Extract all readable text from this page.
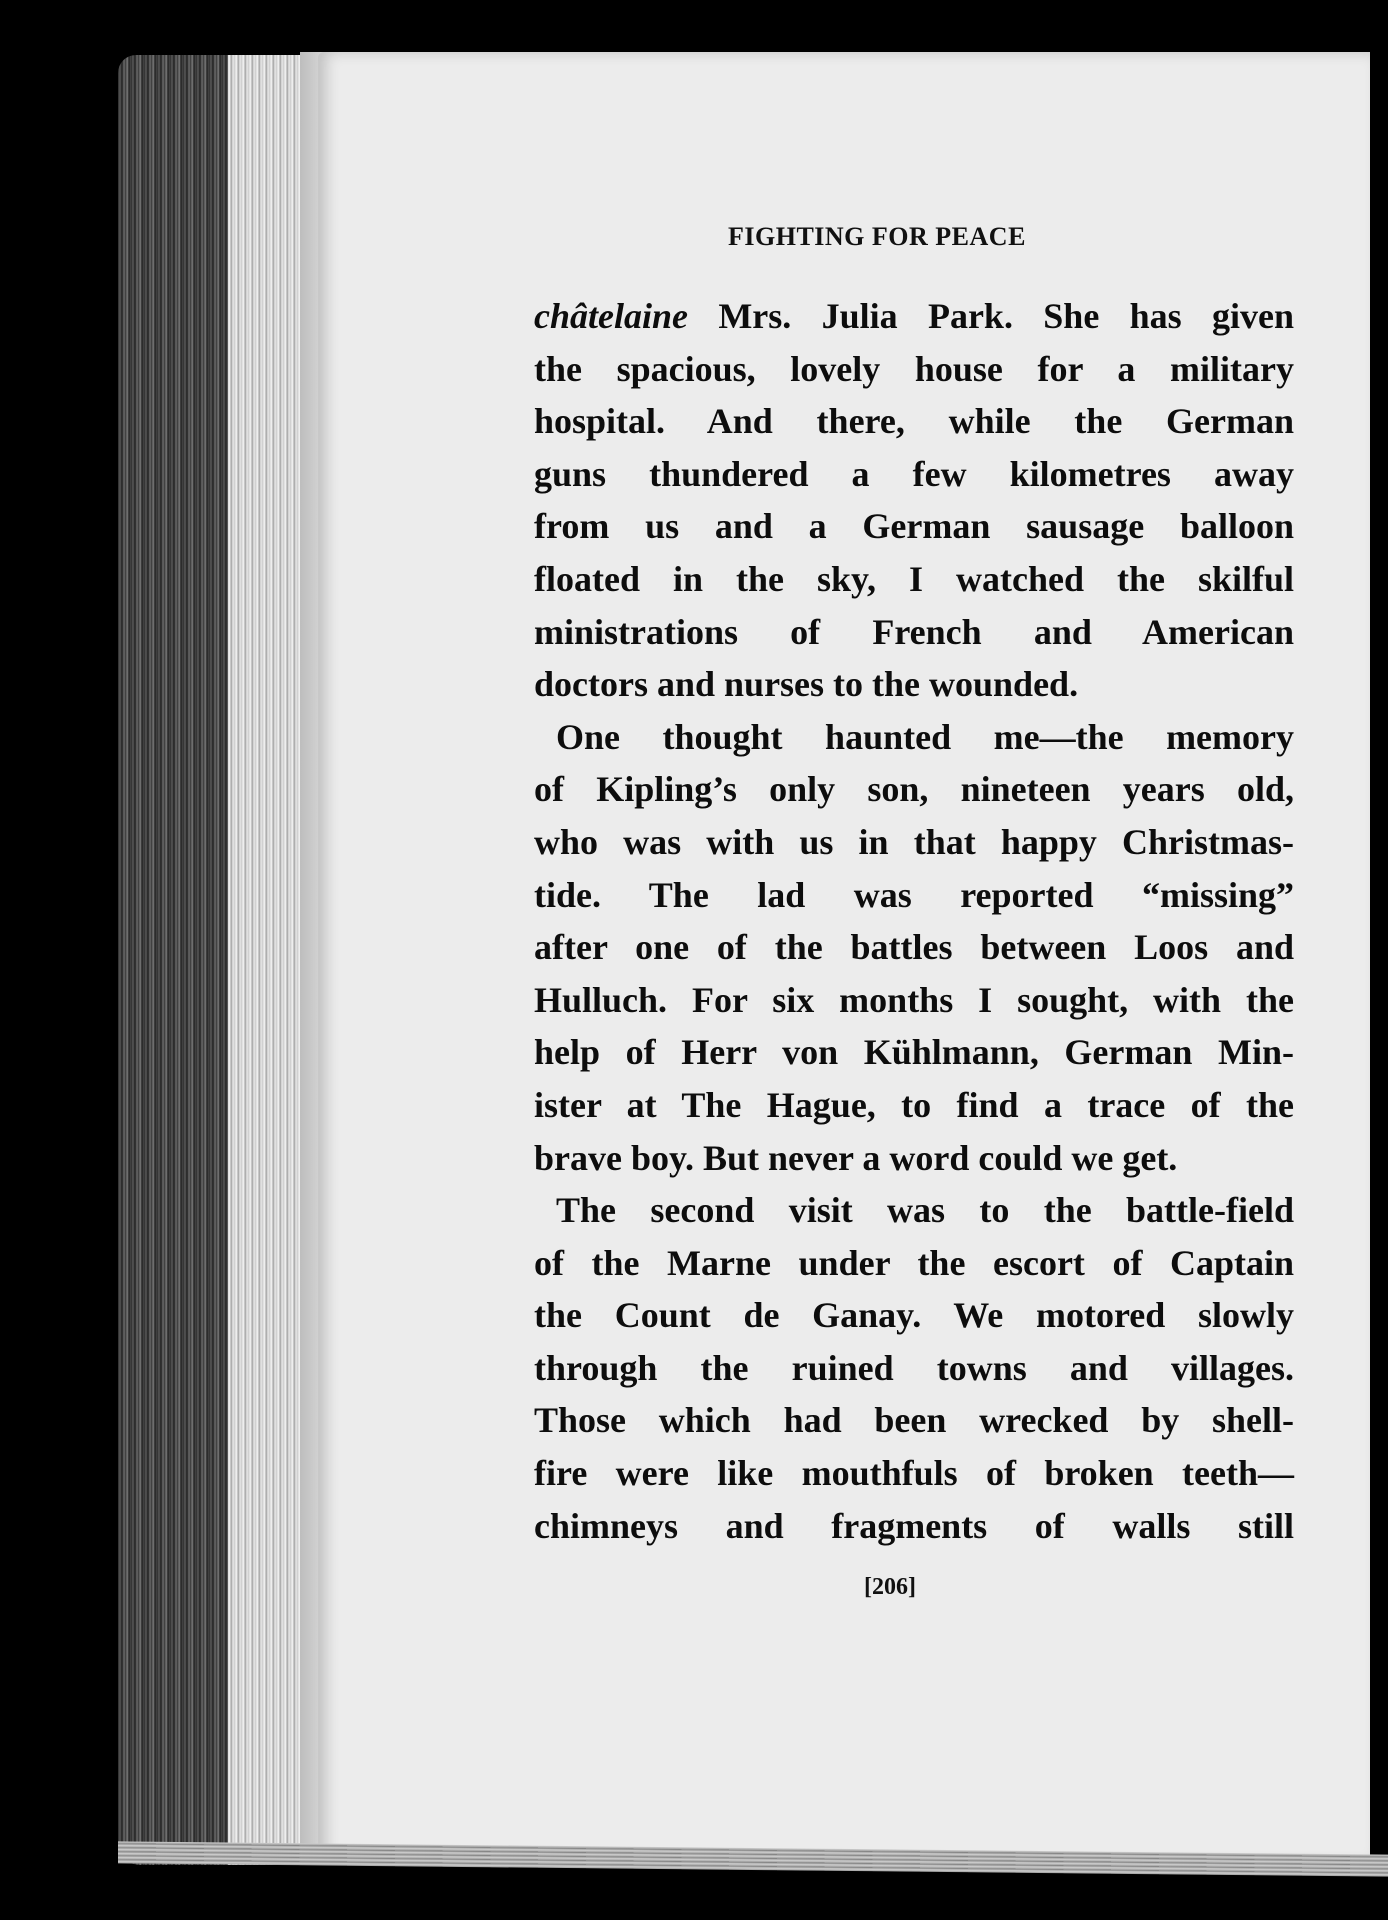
FIGHTING FOR PEACE
châtelaine Mrs. Julia Park. She has given
the spacious, lovely house for a military
hospital. And there, while the German
guns thundered a few kilometres away
from us and a German sausage balloon
floated in the sky, I watched the skilful
ministrations of French and American
doctors and nurses to the wounded.
One thought haunted me—the memory
of Kipling’s only son, nineteen years old,
who was with us in that happy Christmas-
tide. The lad was reported “missing”
after one of the battles between Loos and
Hulluch. For six months I sought, with the
help of Herr von Kühlmann, German Min-
ister at The Hague, to find a trace of the
brave boy. But never a word could we get.
The second visit was to the battle-field
of the Marne under the escort of Captain
the Count de Ganay. We motored slowly
through the ruined towns and villages.
Those which had been wrecked by shell-
fire were like mouthfuls of broken teeth—
chimneys and fragments of walls still
[206]
